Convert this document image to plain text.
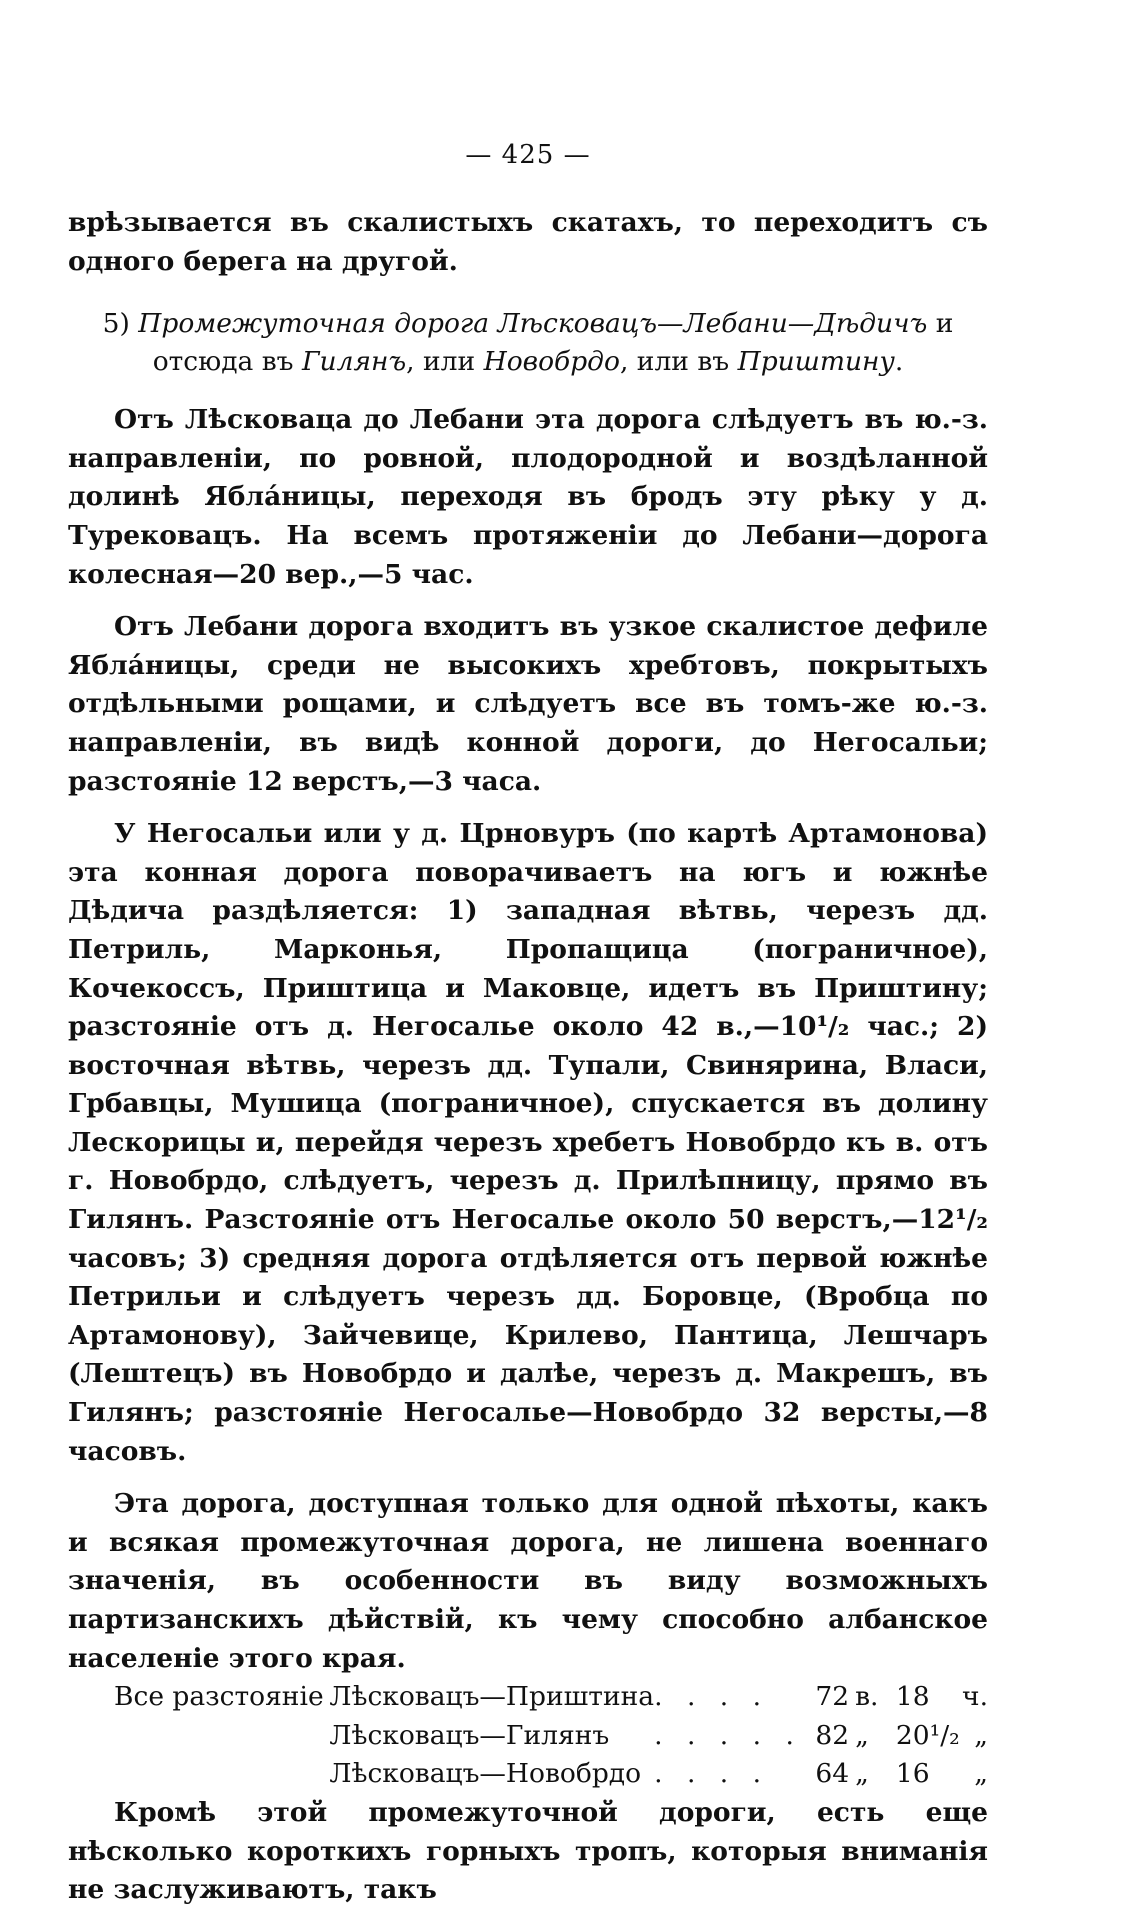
— 425 —

врѣзывается въ скалистыхъ скатахъ, то переходитъ съ одного берега на другой.

5) Промежуточная дорога Лѣсковацъ—Лебани—Дѣдичъ и отсюда въ Гилянъ, или Новобрдо, или въ Приштину.

Отъ Лѣсковаца до Лебани эта дорога слѣдуетъ въ ю.-з. направленіи, по ровной, плодородной и воздѣланной долинѣ Яблáницы, переходя въ бродъ эту рѣку у д. Турековацъ. На всемъ протяженіи до Лебани—дорога колесная—20 вер.,—5 час.

Отъ Лебани дорога входитъ въ узкое скалистое дефиле Яблáницы, среди не высокихъ хребтовъ, покрытыхъ отдѣльными рощами, и слѣдуетъ все въ томъ-же ю.-з. направленіи, въ видѣ конной дороги, до Негосальи; разстояніе 12 верстъ,—3 часа.

У Негосальи или у д. Црновуръ (по картѣ Артамонова) эта конная дорога поворачиваетъ на югъ и южнѣе Дѣдича раздѣляется: 1) западная вѣтвь, черезъ дд. Петриль, Марконья, Пропащица (пограничное), Кочекоссъ, Приштица и Маковце, идетъ въ Приштину; разстояніе отъ д. Негосалье около 42 в.,—10¹/₂ час.; 2) восточная вѣтвь, черезъ дд. Тупали, Свинярина, Власи, Грбавцы, Мушица (пограничное), спускается въ долину Лескорицы и, перейдя черезъ хребетъ Новобрдо къ в. отъ г. Новобрдо, слѣдуетъ, черезъ д. Прилѣпницу, прямо въ Гилянъ. Разстояніе отъ Негосалье около 50 верстъ,—12¹/₂ часовъ; 3) средняя дорога отдѣляется отъ первой южнѣе Петрильи и слѣдуетъ черезъ дд. Боровце, (Вробца по Артамонову), Зайчевице, Крилево, Пантица, Лешчаръ (Лештецъ) въ Новобрдо и далѣе, черезъ д. Макрешъ, въ Гилянъ; разстояніе Негосалье—Новобрдо 32 версты,—8 часовъ.

Эта дорога, доступная только для одной пѣхоты, какъ и всякая промежуточная дорога, не лишена военнаго значенія, въ особенности въ виду возможныхъ партизанскихъ дѣйствій, къ чему способно албанское населеніе этого края.

Все разстояніе	Лѣсковацъ—Приштина	. . . .	72	в.	18	ч.
	Лѣсковацъ—Гилянъ	. . . . .	82	„	20¹/₂	„
	Лѣсковацъ—Новобрдо	. . . .	64	„	16	„

Кромѣ этой промежуточной дороги, есть еще нѣсколько короткихъ горныхъ тропъ, которыя вниманія не заслуживаютъ, такъ
